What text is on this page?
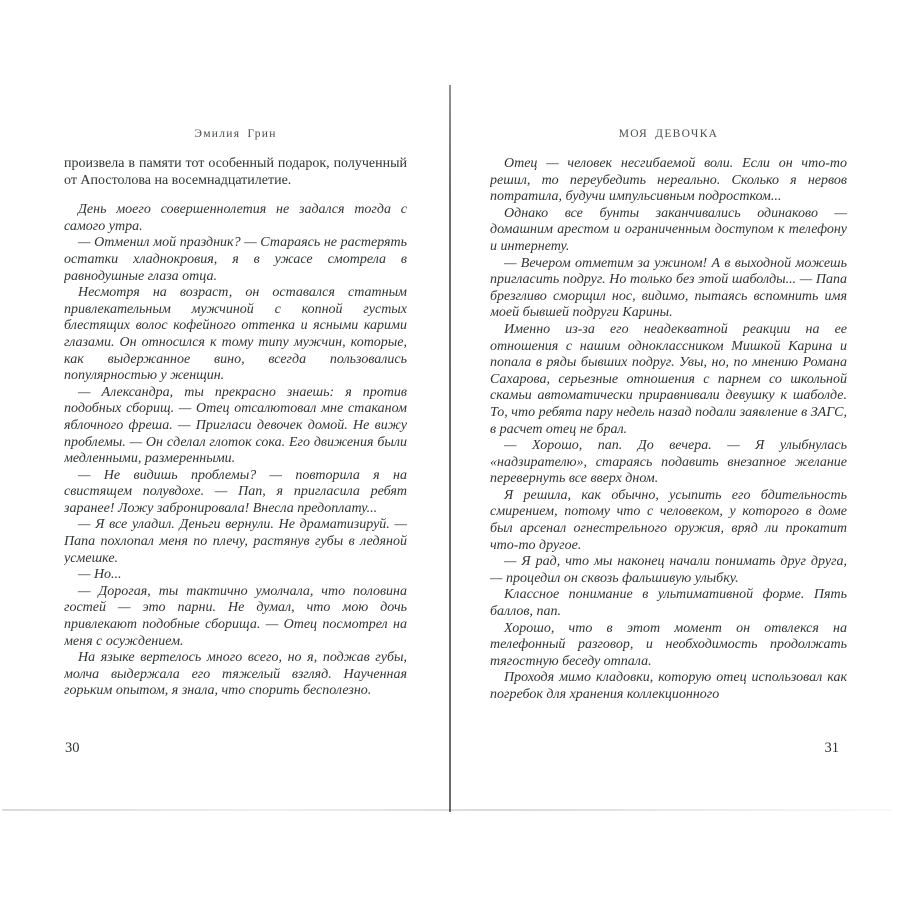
Эмилия Грин

произвела в памяти тот особенный подарок, полученный от Апостолова на восемнадцатилетие.

День моего совершеннолетия не задался тогда с самого утра.

— Отменил мой праздник? — Стараясь не растерять остатки хладнокровия, я в ужасе смотрела в равнодушные глаза отца.

Несмотря на возраст, он оставался статным привлекательным мужчиной с копной густых блестящих волос кофейного оттенка и ясными карими глазами. Он относился к тому типу мужчин, которые, как выдержанное вино, всегда пользовались популярностью у женщин.

— Александра, ты прекрасно знаешь: я против подобных сборищ. — Отец отсалютовал мне стаканом яблочного фреша. — Пригласи девочек домой. Не вижу проблемы. — Он сделал глоток сока. Его движения были медленными, размеренными.

— Не видишь проблемы? — повторила я на свистящем полувдохе. — Пап, я пригласила ребят заранее! Ложу забронировала! Внесла предоплату...

— Я все уладил. Деньги вернули. Не драматизируй. — Папа похлопал меня по плечу, растянув губы в ледяной усмешке.

— Но...

— Дорогая, ты тактично умолчала, что половина гостей — это парни. Не думал, что мою дочь привлекают подобные сборища. — Отец посмотрел на меня с осуждением.

На языке вертелось много всего, но я, поджав губы, молча выдержала его тяжелый взгляд. Наученная горьким опытом, я знала, что спорить бесполезно.

30
МОЯ ДЕВОЧКА

Отец — человек несгибаемой воли. Если он что-то решил, то переубедить нереально. Сколько я нервов потратила, будучи импульсивным подростком...

Однако все бунты заканчивались одинаково — домашним арестом и ограниченным доступом к телефону и интернету.

— Вечером отметим за ужином! А в выходной можешь пригласить подруг. Но только без этой шаболды... — Папа брезгливо сморщил нос, видимо, пытаясь вспомнить имя моей бывшей подруги Карины.

Именно из-за его неадекватной реакции на ее отношения с нашим одноклассником Мишкой Карина и попала в ряды бывших подруг. Увы, но, по мнению Романа Сахарова, серьезные отношения с парнем со школьной скамьи автоматически приравнивали девушку к шаболде. То, что ребята пару недель назад подали заявление в ЗАГС, в расчет отец не брал.

— Хорошо, пап. До вечера. — Я улыбнулась «надзирателю», стараясь подавить внезапное желание перевернуть все вверх дном.

Я решила, как обычно, усыпить его бдительность смирением, потому что с человеком, у которого в доме был арсенал огнестрельного оружия, вряд ли прокатит что-то другое.

— Я рад, что мы наконец начали понимать друг друга, — процедил он сквозь фальшивую улыбку.

Классное понимание в ультимативной форме. Пять баллов, пап.

Хорошо, что в этот момент он отвлекся на телефонный разговор, и необходимость продолжать тягостную беседу отпала.

Проходя мимо кладовки, которую отец использовал как погребок для хранения коллекционного

31
